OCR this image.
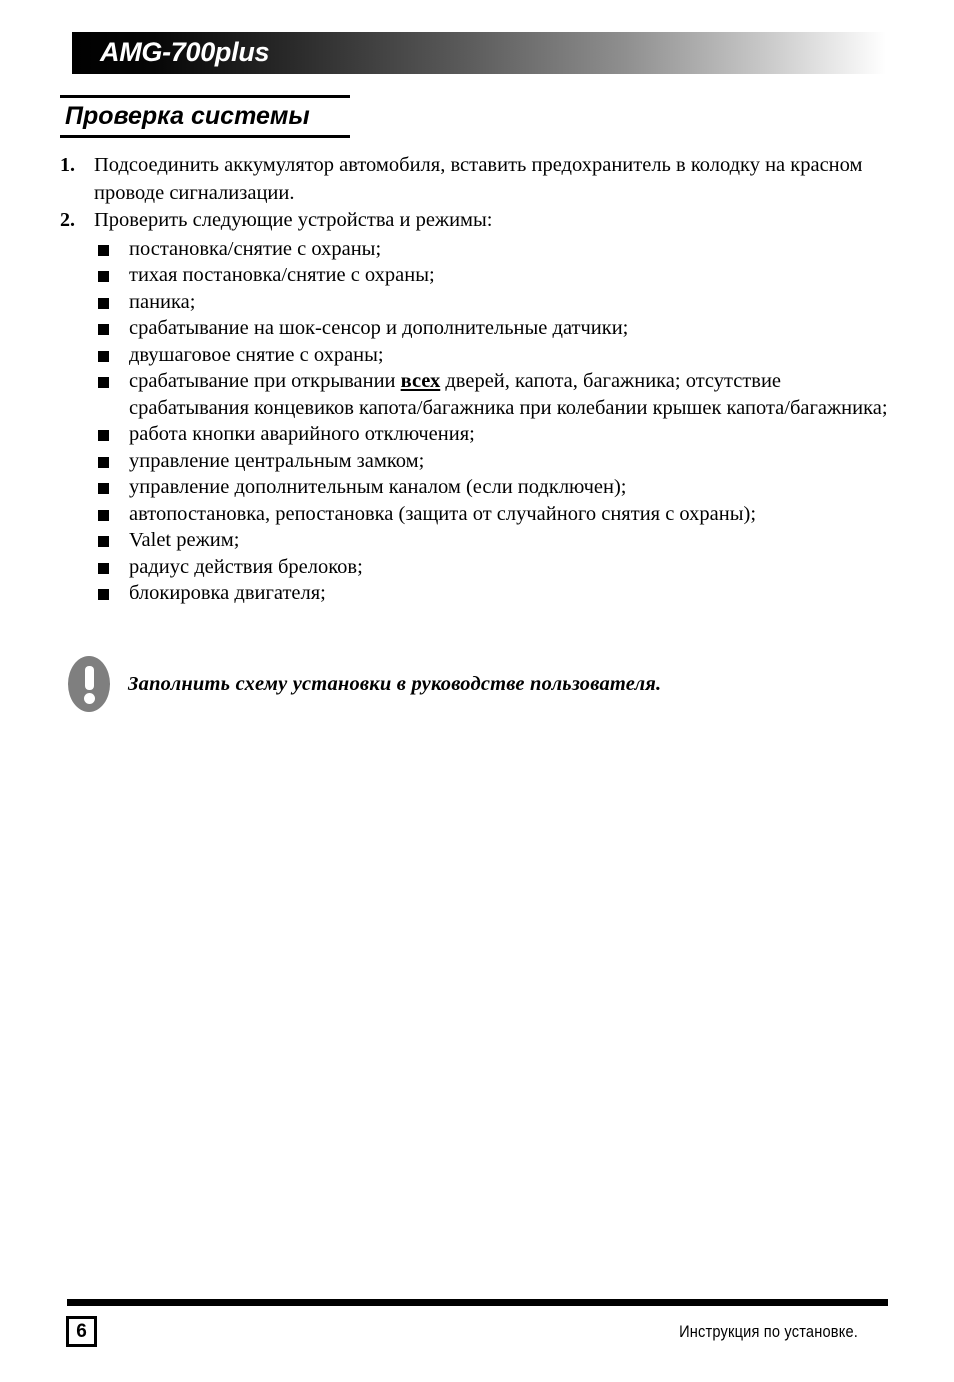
AMG-700plus
Проверка системы
1. Подсоединить аккумулятор автомобиля, вставить предохранитель в колодку на красном проводе сигнализации.
2. Проверить следующие устройства и режимы:
постановка/снятие с охраны;
тихая постановка/снятие с охраны;
паника;
срабатывание на шок-сенсор и дополнительные датчики;
двушаговое снятие с охраны;
срабатывание при открывании всех дверей, капота, багажника; отсутствие срабатывания концевиков капота/багажника при колебании крышек капота/багажника;
работа кнопки аварийного отключения;
управление центральным замком;
управление дополнительным каналом (если подключен);
автопостановка, репостановка (защита от случайного снятия с охраны);
Valet режим;
радиус действия брелоков;
блокировка двигателя;
Заполнить схему установки в руководстве пользователя.
6	Инструкция по установке.
